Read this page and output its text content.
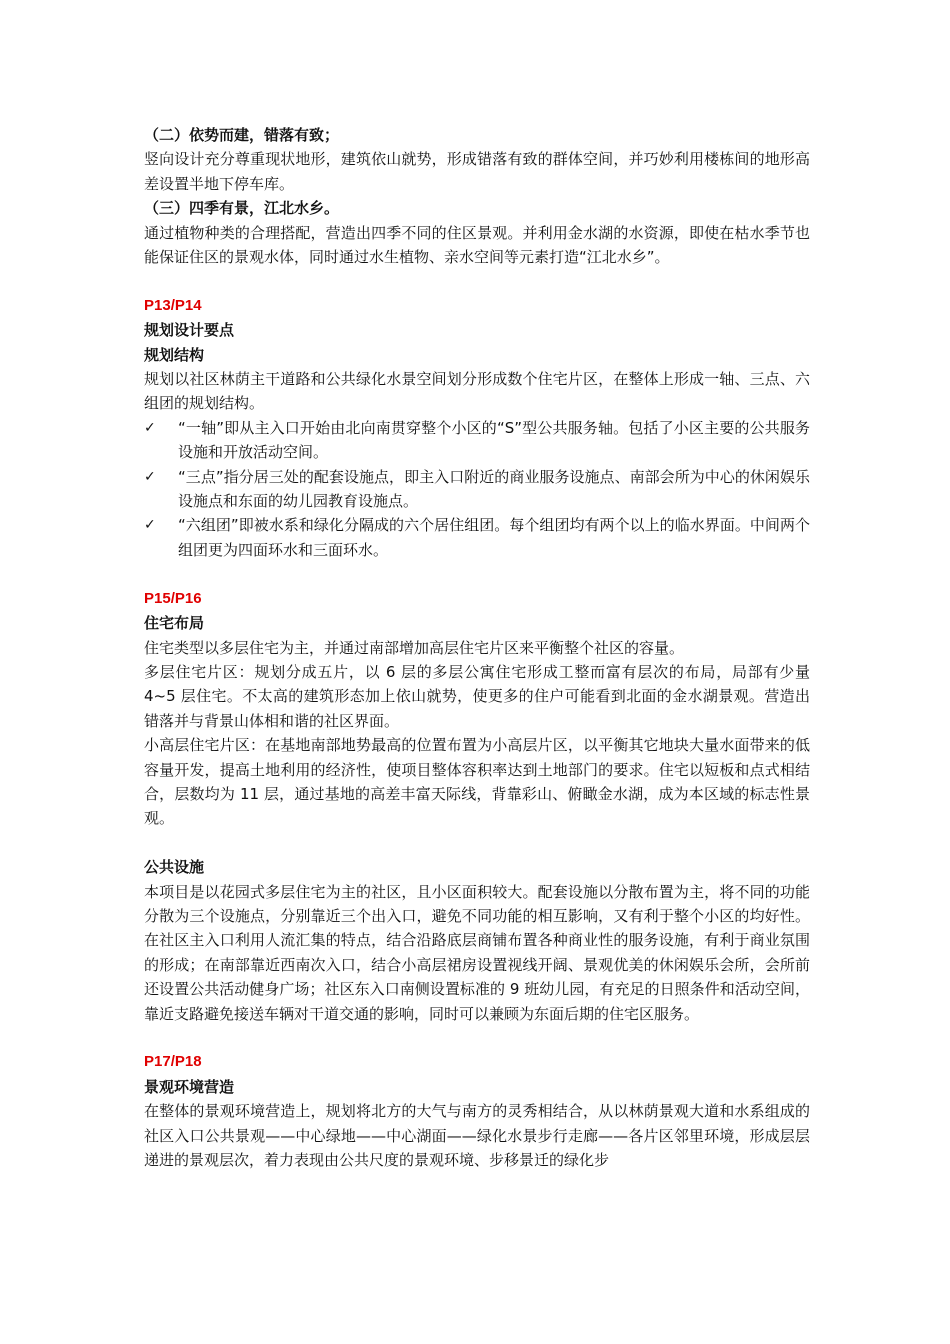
（二）依势而建，错落有致；

竖向设计充分尊重现状地形，建筑依山就势，形成错落有致的群体空间，并巧妙利用楼栋间的地形高差设置半地下停车库。

（三）四季有景，江北水乡。

通过植物种类的合理搭配，营造出四季不同的住区景观。并利用金水湖的水资源，即使在枯水季节也能保证住区的景观水体，同时通过水生植物、亲水空间等元素打造“江北水乡”。

P13/P14

规划设计要点

规划结构

规划以社区林荫主干道路和公共绿化水景空间划分形成数个住宅片区，在整体上形成一轴、三点、六组团的规划结构。

✓ “一轴”即从主入口开始由北向南贯穿整个小区的“S”型公共服务轴。包括了小区主要的公共服务设施和开放活动空间。
✓ “三点”指分居三处的配套设施点，即主入口附近的商业服务设施点、南部会所为中心的休闲娱乐设施点和东面的幼儿园教育设施点。
✓ “六组团”即被水系和绿化分隔成的六个居住组团。每个组团均有两个以上的临水界面。中间两个组团更为四面环水和三面环水。

P15/P16

住宅布局

住宅类型以多层住宅为主，并通过南部增加高层住宅片区来平衡整个社区的容量。

多层住宅片区：规划分成五片，以 6 层的多层公寓住宅形成工整而富有层次的布局，局部有少量 4~5 层住宅。不太高的建筑形态加上依山就势，使更多的住户可能看到北面的金水湖景观。营造出错落并与背景山体相和谐的社区界面。

小高层住宅片区：在基地南部地势最高的位置布置为小高层片区，以平衡其它地块大量水面带来的低容量开发，提高土地利用的经济性，使项目整体容积率达到土地部门的要求。住宅以短板和点式相结合，层数均为 11 层，通过基地的高差丰富天际线，背靠彩山、俯瞰金水湖，成为本区域的标志性景观。

公共设施

本项目是以花园式多层住宅为主的社区，且小区面积较大。配套设施以分散布置为主，将不同的功能分散为三个设施点，分别靠近三个出入口，避免不同功能的相互影响，又有利于整个小区的均好性。在社区主入口利用人流汇集的特点，结合沿路底层商铺布置各种商业性的服务设施，有利于商业氛围的形成；在南部靠近西南次入口，结合小高层裙房设置视线开阔、景观优美的休闲娱乐会所，会所前还设置公共活动健身广场；社区东入口南侧设置标准的 9 班幼儿园，有充足的日照条件和活动空间，靠近支路避免接送车辆对干道交通的影响，同时可以兼顾为东面后期的住宅区服务。

P17/P18

景观环境营造

在整体的景观环境营造上，规划将北方的大气与南方的灵秀相结合，从以林荫景观大道和水系组成的社区入口公共景观——中心绿地——中心湖面——绿化水景步行走廊——各片区邻里环境，形成层层递进的景观层次，着力表现由公共尺度的景观环境、步移景迁的绿化步
